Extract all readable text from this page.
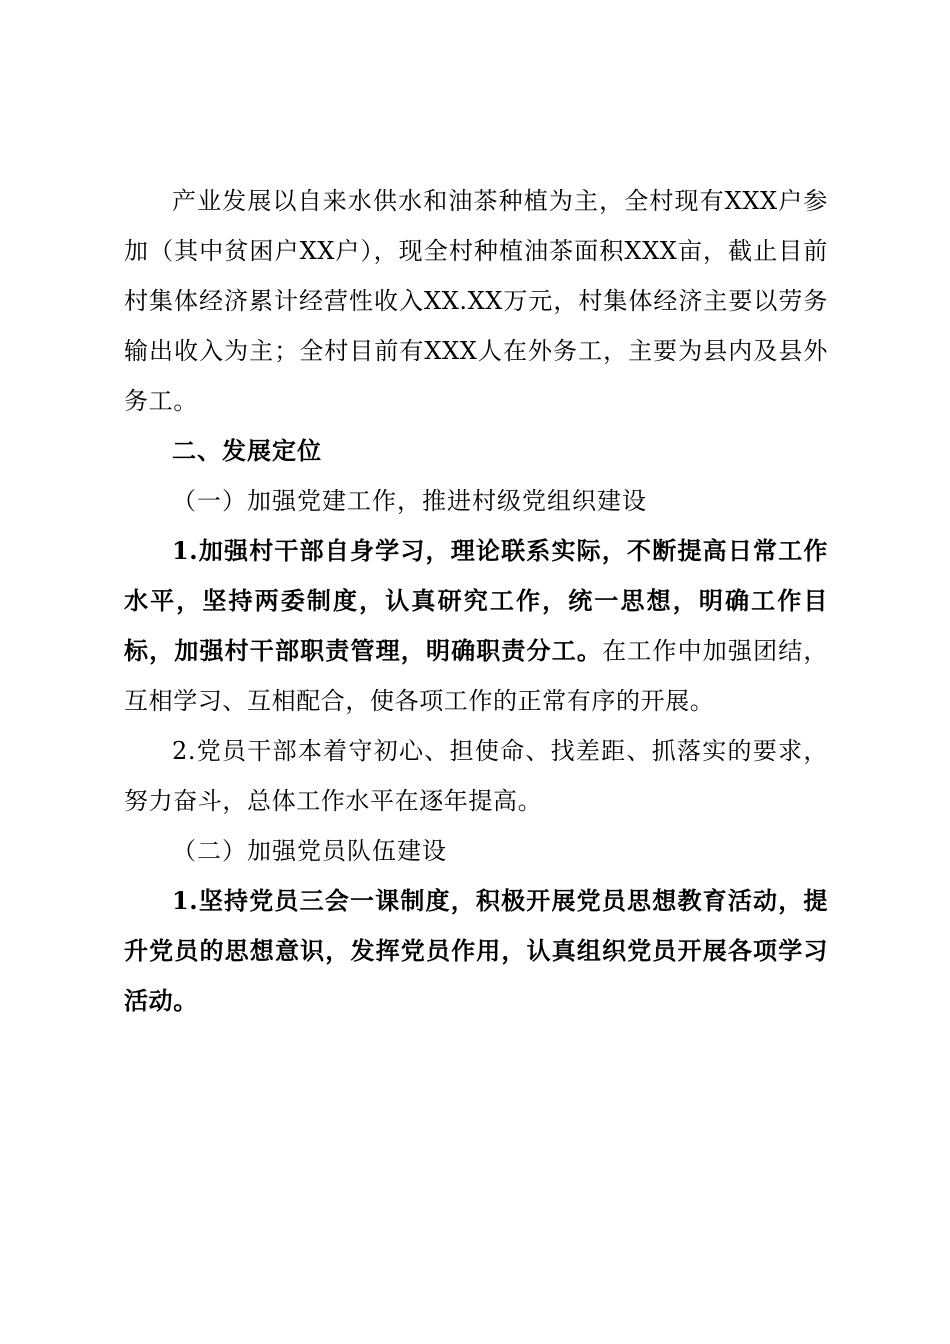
产业发展以自来水供水和油茶种植为主，全村现有XXX户参加（其中贫困户XX户），现全村种植油茶面积XXX亩，截止目前村集体经济累计经营性收入XX.XX万元，村集体经济主要以劳务输出收入为主；全村目前有XXX人在外务工，主要为县内及县外务工。

二、发展定位

（一）加强党建工作，推进村级党组织建设

1.加强村干部自身学习，理论联系实际，不断提高日常工作水平，坚持两委制度，认真研究工作，统一思想，明确工作目标，加强村干部职责管理，明确职责分工。在工作中加强团结，互相学习、互相配合，使各项工作的正常有序的开展。

2.党员干部本着守初心、担使命、找差距、抓落实的要求，努力奋斗，总体工作水平在逐年提高。

（二）加强党员队伍建设

1.坚持党员三会一课制度，积极开展党员思想教育活动，提升党员的思想意识，发挥党员作用，认真组织党员开展各项学习活动。
